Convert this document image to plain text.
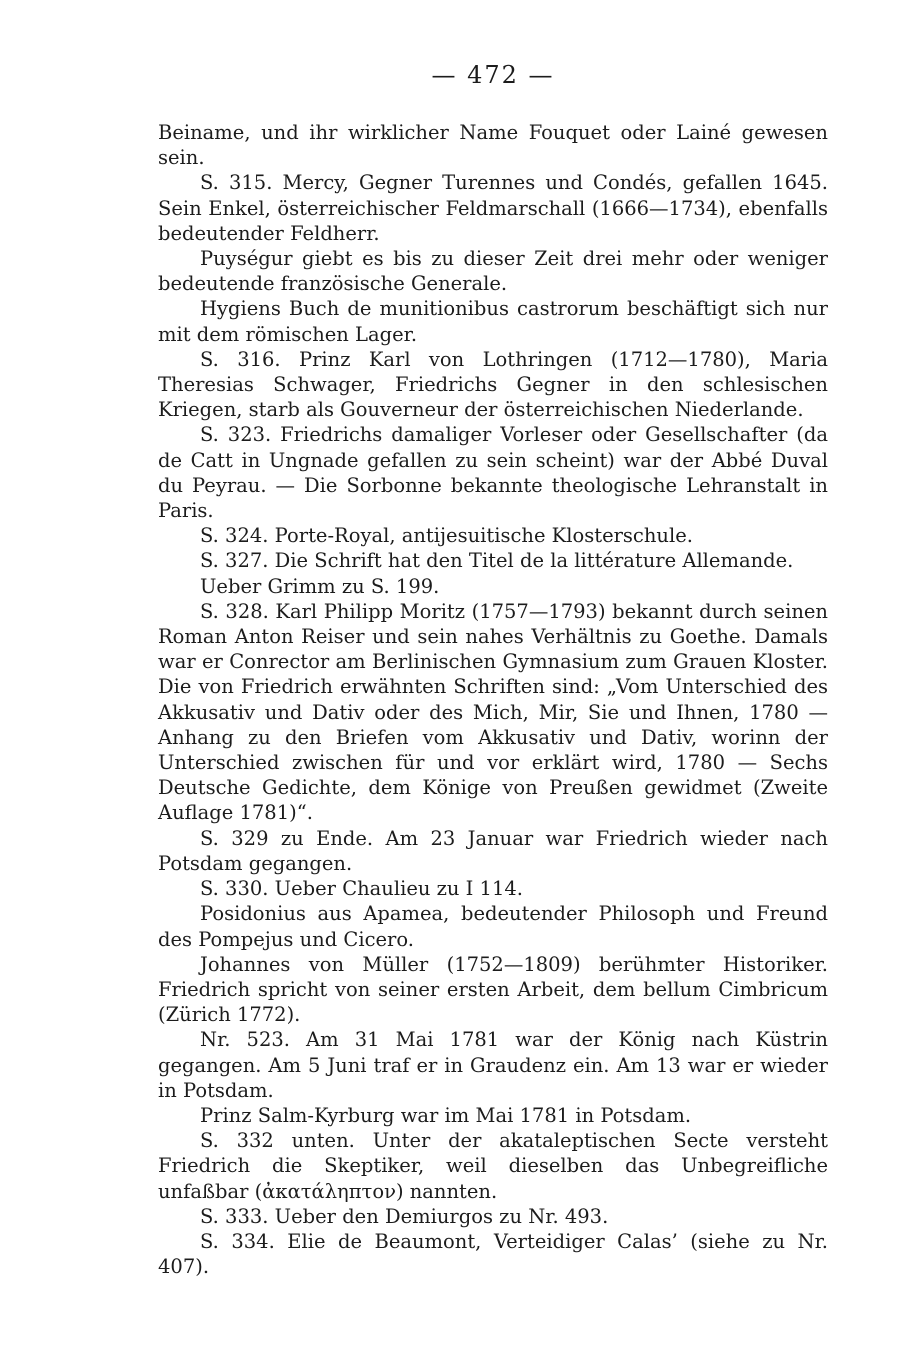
— 472 —

Beiname, und ihr wirklicher Name Fouquet oder Lainé gewesen sein.

S. 315. Mercy, Gegner Turennes und Condés, gefallen 1645. Sein Enkel, österreichischer Feldmarschall (1666—1734), ebenfalls bedeutender Feldherr.

Puységur giebt es bis zu dieser Zeit drei mehr oder weniger bedeutende französische Generale.

Hygiens Buch de munitionibus castrorum beschäftigt sich nur mit dem römischen Lager.

S. 316. Prinz Karl von Lothringen (1712—1780), Maria Theresias Schwager, Friedrichs Gegner in den schlesischen Kriegen, starb als Gouverneur der österreichischen Niederlande.

S. 323. Friedrichs damaliger Vorleser oder Gesellschafter (da de Catt in Ungnade gefallen zu sein scheint) war der Abbé Duval du Peyrau. — Die Sorbonne bekannte theologische Lehranstalt in Paris.

S. 324. Porte-Royal, antijesuitische Klosterschule.

S. 327. Die Schrift hat den Titel de la littérature Allemande.

Ueber Grimm zu S. 199.

S. 328. Karl Philipp Moritz (1757—1793) bekannt durch seinen Roman Anton Reiser und sein nahes Verhältnis zu Goethe. Damals war er Conrector am Berlinischen Gymnasium zum Grauen Kloster. Die von Friedrich erwähnten Schriften sind: „Vom Unterschied des Akkusativ und Dativ oder des Mich, Mir, Sie und Ihnen, 1780 — Anhang zu den Briefen vom Akkusativ und Dativ, worinn der Unterschied zwischen für und vor erklärt wird, 1780 — Sechs Deutsche Gedichte, dem Könige von Preußen gewidmet (Zweite Auflage 1781)“.

S. 329 zu Ende. Am 23 Januar war Friedrich wieder nach Potsdam gegangen.

S. 330. Ueber Chaulieu zu I 114.

Posidonius aus Apamea, bedeutender Philosoph und Freund des Pompejus und Cicero.

Johannes von Müller (1752—1809) berühmter Historiker. Friedrich spricht von seiner ersten Arbeit, dem bellum Cimbricum (Zürich 1772).

Nr. 523. Am 31 Mai 1781 war der König nach Küstrin gegangen. Am 5 Juni traf er in Graudenz ein. Am 13 war er wieder in Potsdam.

Prinz Salm-Kyrburg war im Mai 1781 in Potsdam.

S. 332 unten. Unter der akataleptischen Secte versteht Friedrich die Skeptiker, weil dieselben das Unbegreifliche unfaßbar (ἀκατάληπτον) nannten.

S. 333. Ueber den Demiurgos zu Nr. 493.

S. 334. Elie de Beaumont, Verteidiger Calas’ (siehe zu Nr. 407).
